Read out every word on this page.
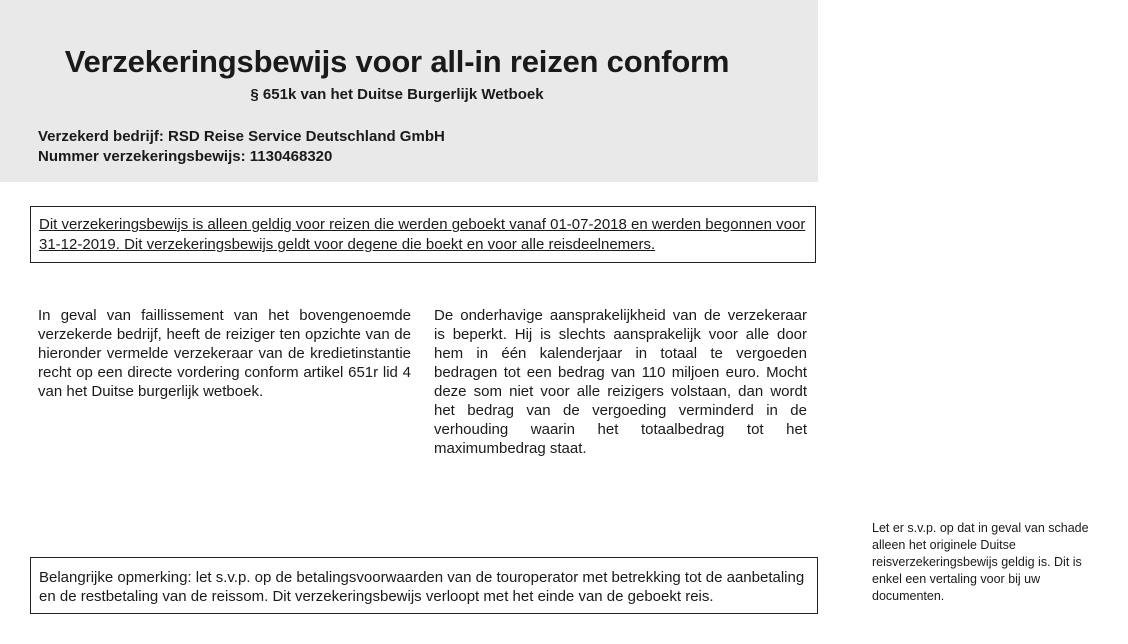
Verzekeringsbewijs voor all-in reizen conform

§ 651k van het Duitse Burgerlijk Wetboek

Verzekerd bedrijf: RSD Reise Service Deutschland GmbH
Nummer verzekeringsbewijs: 1130468320
Dit verzekeringsbewijs is alleen geldig voor reizen die werden geboekt vanaf 01-07-2018 en werden begonnen voor 31-12-2019. Dit verzekeringsbewijs geldt voor degene die boekt en voor alle reisdeelnemers.

In geval van faillissement van het bovengenoemde verzekerde bedrijf, heeft de reiziger ten opzichte van de hieronder vermelde verzekeraar van de kredietinstantie recht op een directe vordering conform artikel 651r lid 4 van het Duitse burgerlijk wetboek.

De onderhavige aansprakelijkheid van de verzekeraar is beperkt. Hij is slechts aansprakelijk voor alle door hem in één kalenderjaar in totaal te vergoeden bedragen tot een bedrag van 110 miljoen euro. Mocht deze som niet voor alle reizigers volstaan, dan wordt het bedrag van de vergoeding verminderd in de verhouding waarin het totaalbedrag tot het maximumbedrag staat.

Belangrijke opmerking: let s.v.p. op de betalingsvoorwaarden van de touroperator met betrekking tot de aanbetaling en de restbetaling van de reissom. Dit verzekeringsbewijs verloopt met het einde van de geboekt reis.

Let er s.v.p. op dat in geval van schade alleen het originele Duitse reisverzekeringsbewijs geldig is. Dit is enkel een vertaling voor bij uw documenten.
